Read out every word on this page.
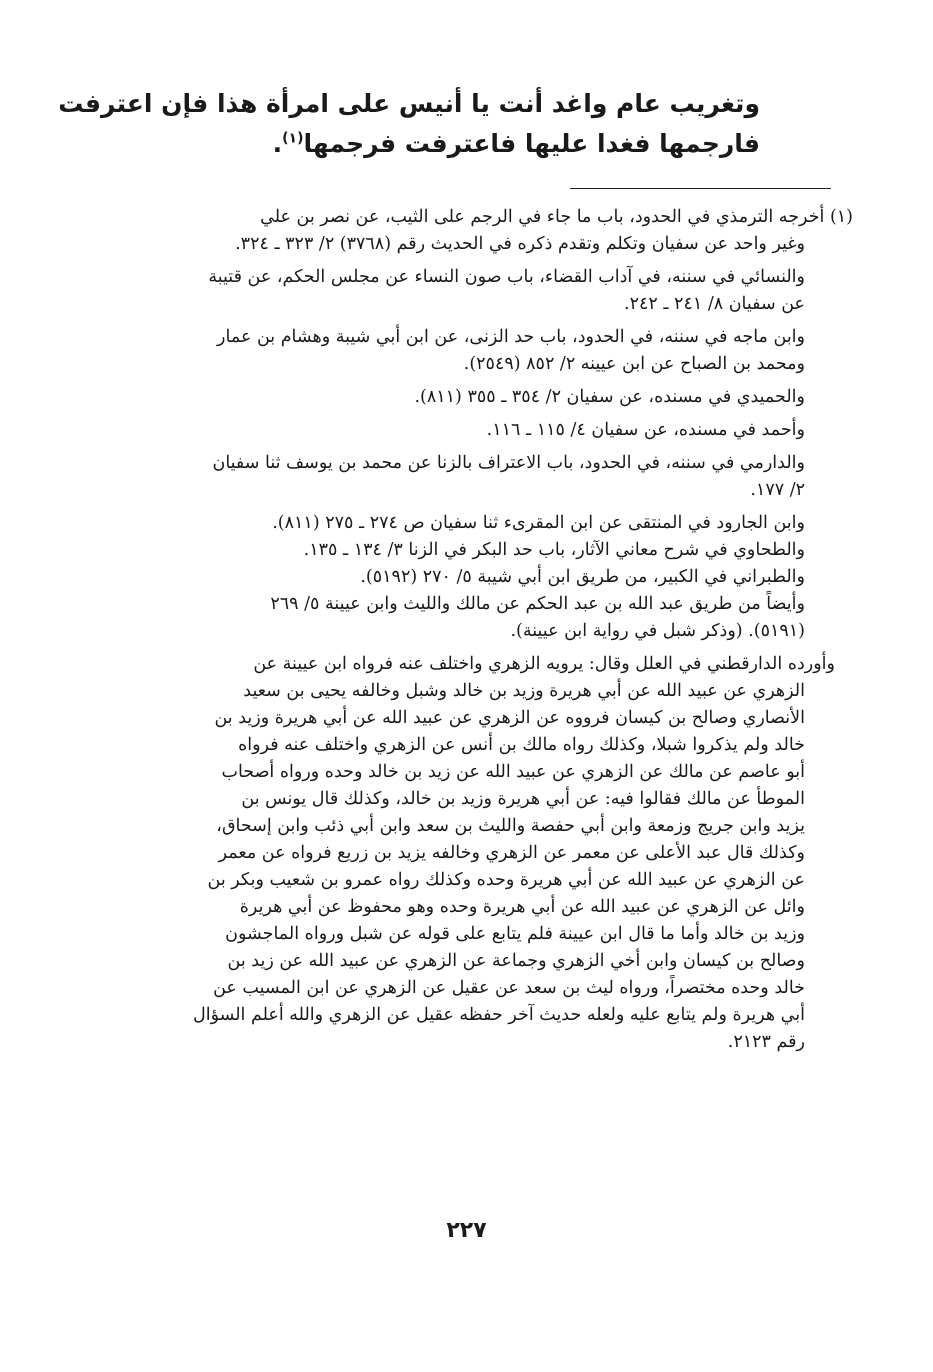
وتغريب عام واغد أنت يا أنيس على امرأة هذا فإن اعترفت
فارجمها فغدا عليها فاعترفت فرجمها$^{(١)}$.
(١) أخرجه الترمذي في الحدود، باب ما جاء في الرجم على الثيب، عن نصر بن علي
وغير واحد عن سفيان وتكلم وتقدم ذكره في الحديث رقم (٣٧٦٨) ٢/ ٣٢٣ ـ ٣٢٤.
والنسائي في سننه، في آداب القضاء، باب صون النساء عن مجلس الحكم، عن قتيبة
عن سفيان ٨/ ٢٤١ ـ ٢٤٢.
وابن ماجه في سننه، في الحدود، باب حد الزنى، عن ابن أبي شيبة وهشام بن عمار
ومحمد بن الصباح عن ابن عيينه ٢/ ٨٥٢ (٢٥٤٩).
والحميدي في مسنده، عن سفيان ٢/ ٣٥٤ ـ ٣٥٥ (٨١١).
وأحمد في مسنده، عن سفيان ٤/ ١١٥ ـ ١١٦.
والدارمي في سننه، في الحدود، باب الاعتراف بالزنا عن محمد بن يوسف ثنا سفيان
٢/ ١٧٧.
وابن الجارود في المنتقى عن ابن المقرىء ثنا سفيان ص ٢٧٤ ـ ٢٧٥ (٨١١).
والطحاوي في شرح معاني الآثار، باب حد البكر في الزنا ٣/ ١٣٤ ـ ١٣٥.
والطبراني في الكبير، من طريق ابن أبي شيبة ٥/ ٢٧٠ (٥١٩٢).
وأيضاً من طريق عبد الله بن عبد الحكم عن مالك والليث وابن عيينة ٥/ ٢٦٩
(٥١٩١). (وذكر شبل في رواية ابن عيينة).
وأورده الدارقطني في العلل وقال: يرويه الزهري واختلف عنه فرواه ابن عيينة عن
الزهري عن عبيد الله عن أبي هريرة وزيد بن خالد وشبل وخالفه يحيى بن سعيد
الأنصاري وصالح بن كيسان فرووه عن الزهري عن عبيد الله عن أبي هريرة وزيد بن
خالد ولم يذكروا شبلا، وكذلك رواه مالك بن أنس عن الزهري واختلف عنه فرواه
أبو عاصم عن مالك عن الزهري عن عبيد الله عن زيد بن خالد وحده ورواه أصحاب
الموطأ عن مالك فقالوا فيه: عن أبي هريرة وزيد بن خالد، وكذلك قال يونس بن
يزيد وابن جريج وزمعة وابن أبي حفصة والليث بن سعد وابن أبي ذئب وابن إسحاق،
وكذلك قال عبد الأعلى عن معمر عن الزهري وخالفه يزيد بن زريع فرواه عن معمر
عن الزهري عن عبيد الله عن أبي هريرة وحده وكذلك رواه عمرو بن شعيب وبكر بن
وائل عن الزهري عن عبيد الله عن أبي هريرة وحده وهو محفوظ عن أبي هريرة
وزيد بن خالد وأما ما قال ابن عيينة فلم يتابع على قوله عن شبل ورواه الماجشون
وصالح بن كيسان وابن أخي الزهري وجماعة عن الزهري عن عبيد الله عن زيد بن
خالد وحده مختصراً، ورواه ليث بن سعد عن عقيل عن الزهري عن ابن المسيب عن
أبي هريرة ولم يتابع عليه ولعله حديث آخر حفظه عقيل عن الزهري والله أعلم السؤال
رقم ٢١٢٣.
٢٢٧
